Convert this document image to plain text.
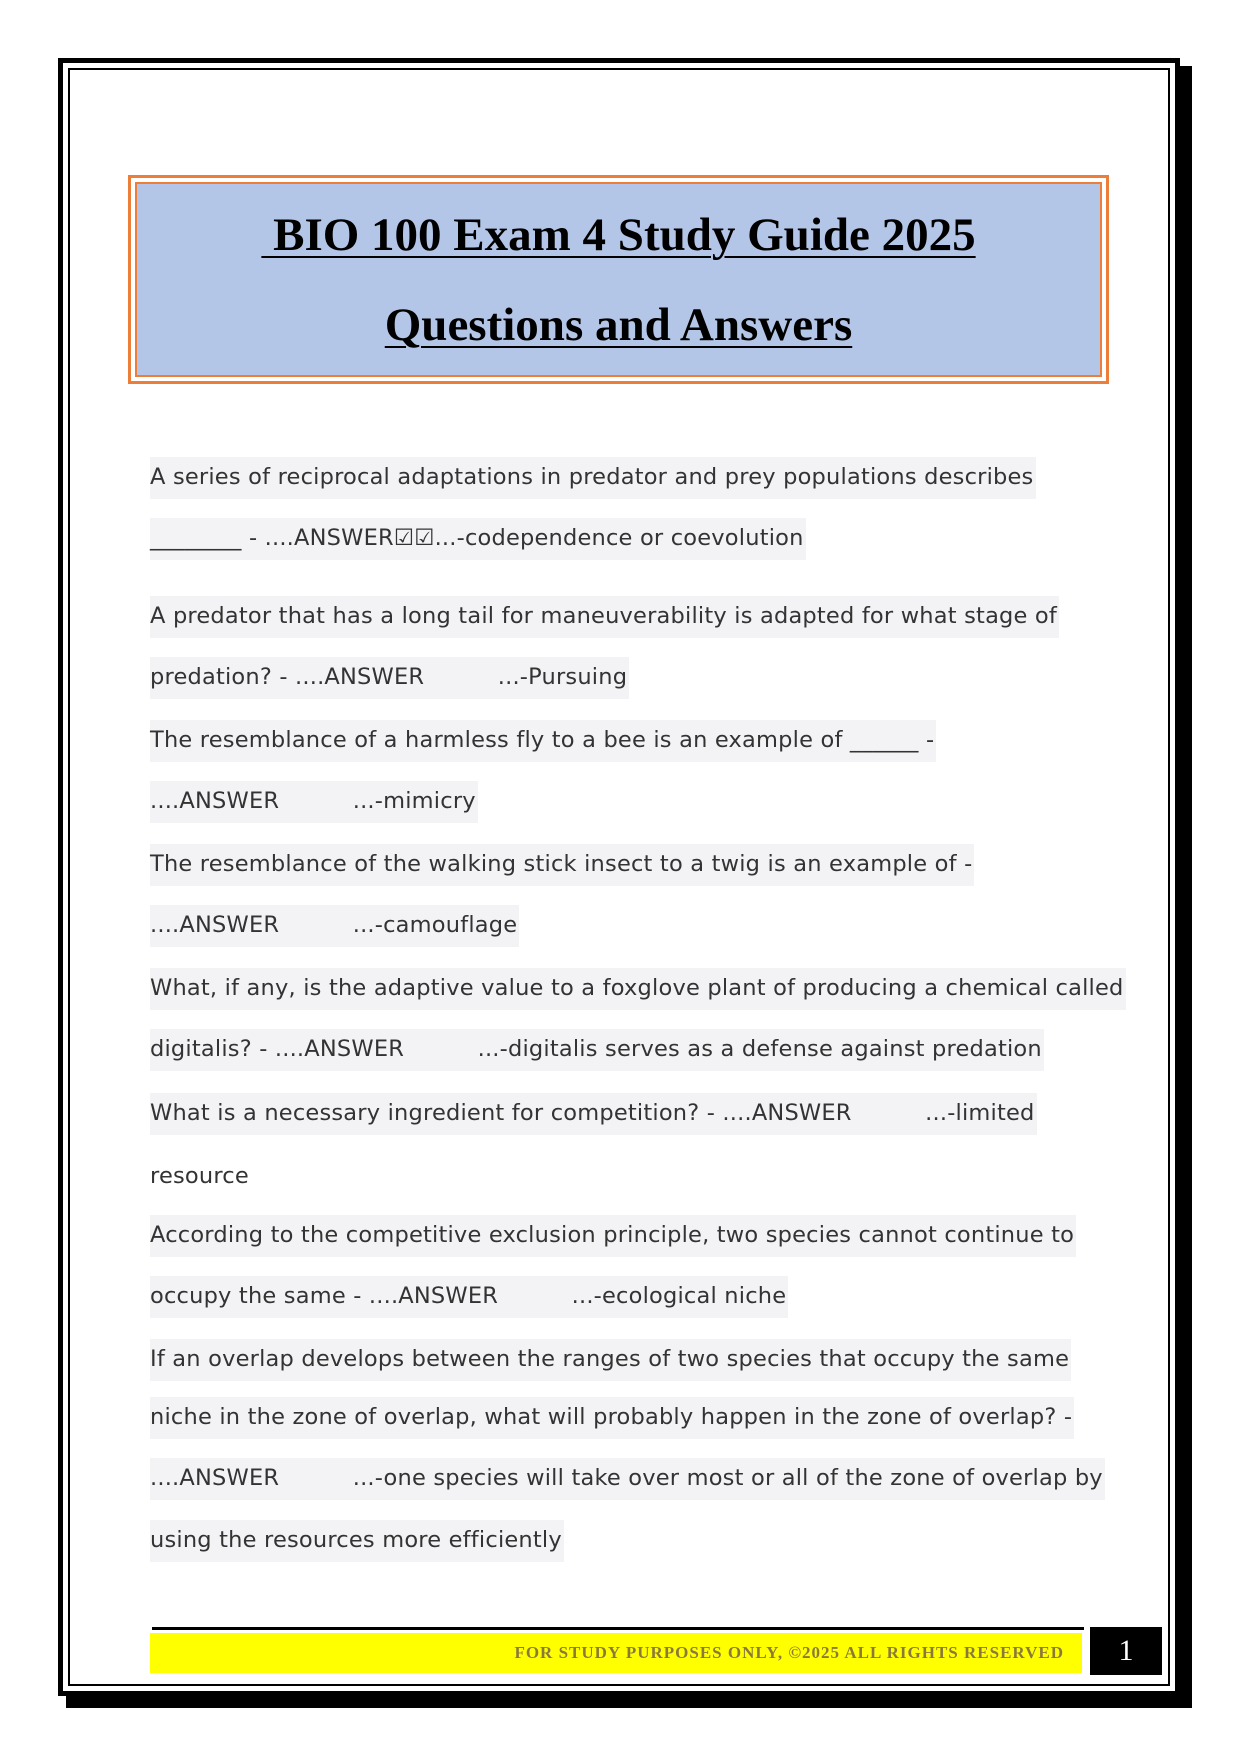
BIO 100 Exam 4 Study Guide 2025
Questions and Answers
A series of reciprocal adaptations in predator and prey populations describes
________ - ....ANSWER☑☑...-codependence or coevolution
A predator that has a long tail for maneuverability is adapted for what stage of
predation? - ....ANSWER          ...-Pursuing
The resemblance of a harmless fly to a bee is an example of ______ -
....ANSWER          ...-mimicry
The resemblance of the walking stick insect to a twig is an example of -
....ANSWER          ...-camouflage
What, if any, is the adaptive value to a foxglove plant of producing a chemical called
digitalis? - ....ANSWER          ...-digitalis serves as a defense against predation
What is a necessary ingredient for competition? - ....ANSWER          ...-limited
resource
According to the competitive exclusion principle, two species cannot continue to
occupy the same - ....ANSWER          ...-ecological niche
If an overlap develops between the ranges of two species that occupy the same
niche in the zone of overlap, what will probably happen in the zone of overlap? -
....ANSWER          ...-one species will take over most or all of the zone of overlap by
using the resources more efficiently
FOR STUDY PURPOSES ONLY, ©2025 ALL RIGHTS RESERVED	1
